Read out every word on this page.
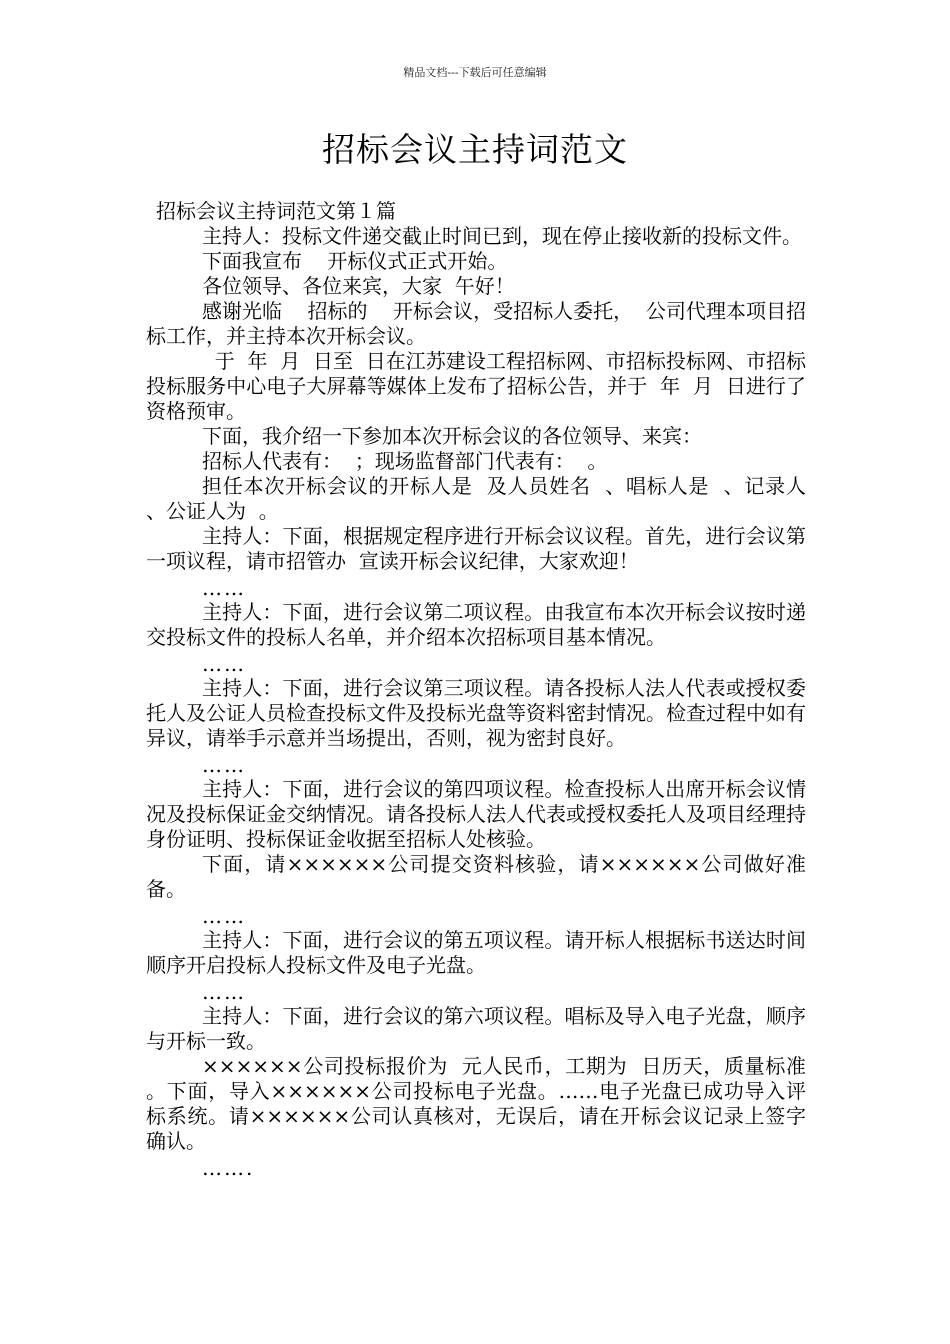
精品文档---下载后可任意编辑
招标会议主持词范文

招标会议主持词范文第１篇

主持人：投标文件递交截止时间已到，现在停止接收新的投标文件。

下面我宣布    开标仪式正式开始。

各位领导、各位来宾，大家  午好！

感谢光临    招标的    开标会议，受招标人委托，  公司代理本项目招标工作，并主持本次开标会议。

于  年  月  日至  日在江苏建设工程招标网、市招标投标网、市招标投标服务中心电子大屏幕等媒体上发布了招标公告，并于  年  月  日进行了资格预审。

下面，我介绍一下参加本次开标会议的各位领导、来宾：

招标人代表有：  ；现场监督部门代表有：  。

担任本次开标会议的开标人是  及人员姓名  、唱标人是  、记录人  、公证人为  。

主持人：下面，根据规定程序进行开标会议议程。首先，进行会议第一项议程，请市招管办  宣读开标会议纪律，大家欢迎！

……

主持人：下面，进行会议第二项议程。由我宣布本次开标会议按时递交投标文件的投标人名单，并介绍本次招标项目基本情况。

……

主持人：下面，进行会议第三项议程。请各投标人法人代表或授权委托人及公证人员检查投标文件及投标光盘等资料密封情况。检查过程中如有异议，请举手示意并当场提出，否则，视为密封良好。

……

主持人：下面，进行会议的第四项议程。检查投标人出席开标会议情况及投标保证金交纳情况。请各投标人法人代表或授权委托人及项目经理持身份证明、投标保证金收据至招标人处核验。

下面，请××××××公司提交资料核验，请××××××公司做好准备。

……

主持人：下面，进行会议的第五项议程。请开标人根据标书送达时间顺序开启投标人投标文件及电子光盘。

……

主持人：下面，进行会议的第六项议程。唱标及导入电子光盘，顺序与开标一致。

××××××公司投标报价为  元人民币，工期为  日历天，质量标准  。下面，导入××××××公司投标电子光盘。……电子光盘已成功导入评标系统。请××××××公司认真核对，无误后，请在开标会议记录上签字确认。

…….
